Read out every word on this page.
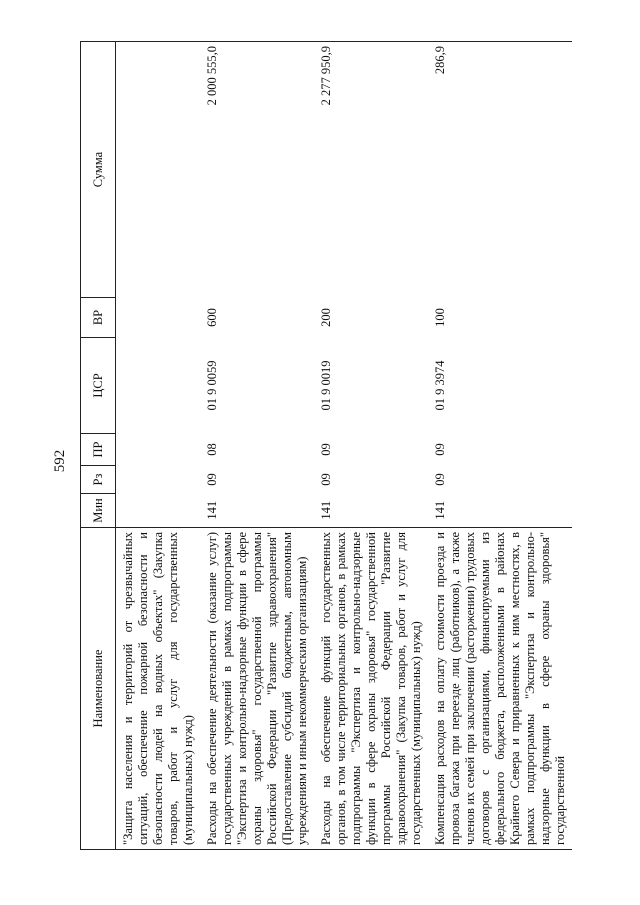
592
Наименование	Мин	Рз	ПР	ЦСР	ВР	Сумма
"Защита населения и территорий от чрезвычайных ситуаций, обеспечение пожарной безопасности и безопасности людей на водных объектах" (Закупка товаров, работ и услуг для государственных (муниципальных) нужд)						
Расходы на обеспечение деятельности (оказание услуг) государственных учреждений в рамках подпрограммы "Экспертиза и контрольно-надзорные функции в сфере охраны здоровья" государственной программы Российской Федерации "Развитие здравоохранения" (Предоставление субсидий бюджетным, автономным учреждениям и иным некоммерческим организациям)	141	09	08	01 9 0059	600	2 000 555,0
Расходы на обеспечение функций государственных органов, в том числе территориальных органов, в рамках подпрограммы "Экспертиза и контрольно-надзорные функции в сфере охраны здоровья" государственной программы Российской Федерации "Развитие здравоохранения" (Закупка товаров, работ и услуг для государственных (муниципальных) нужд)	141	09	09	01 9 0019	200	2 277 950,9
Компенсация расходов на оплату стоимости проезда и провоза багажа при переезде лиц (работников), а также членов их семей при заключении (расторжении) трудовых договоров с организациями, финансируемыми из федерального бюджета, расположенными в районах Крайнего Севера и приравненных к ним местностях, в рамках подпрограммы "Экспертиза и контрольно-надзорные функции в сфере охраны здоровья" государственной	141	09	09	01 9 3974	100	286,9
